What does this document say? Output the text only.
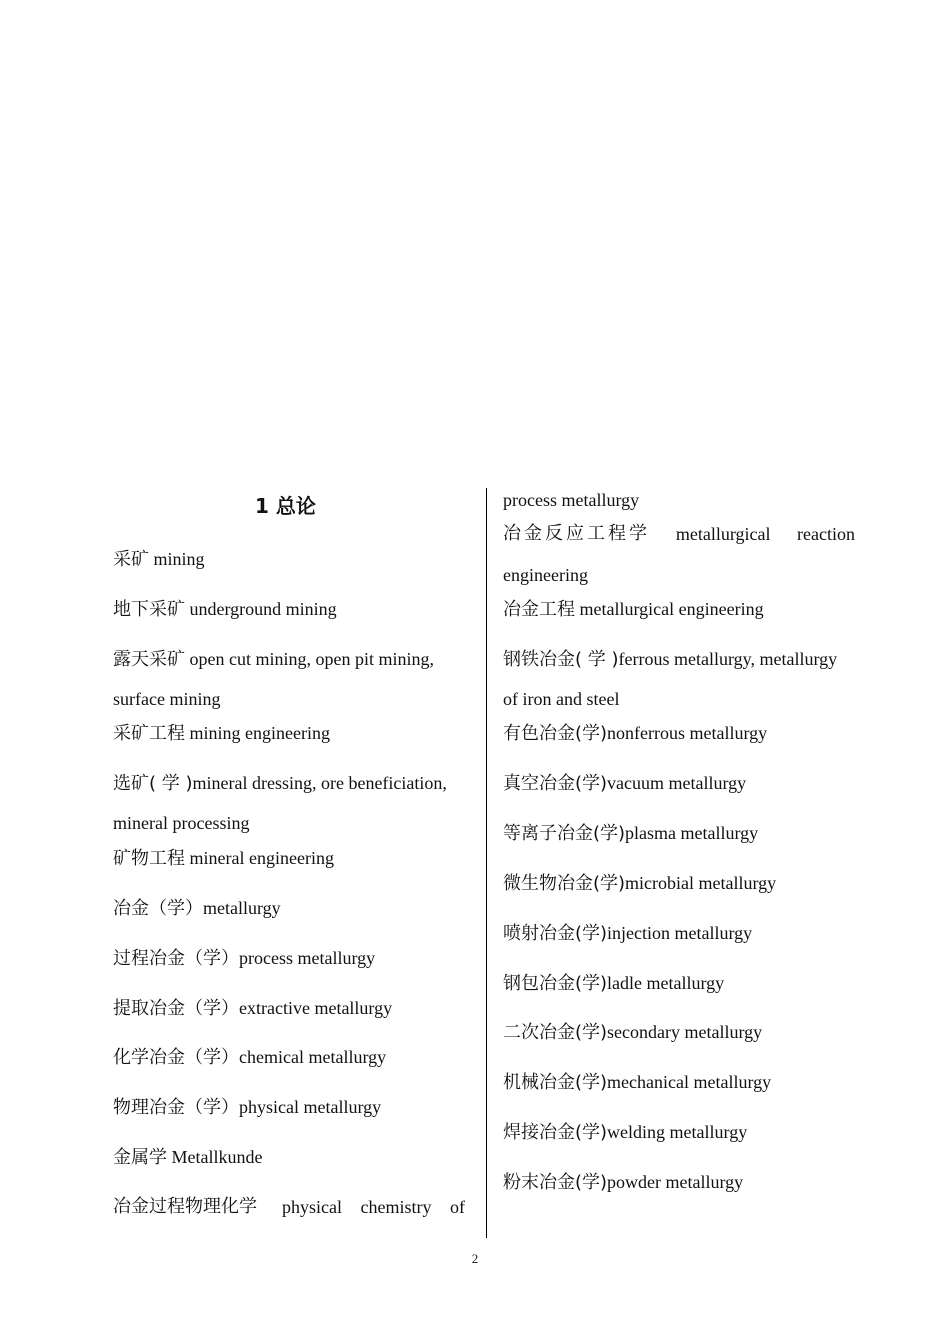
1 总论
采矿 mining
地下采矿 underground mining
露天采矿 open cut mining, open pit mining,
surface mining
采矿工程 mining engineering
选矿( 学 )mineral dressing, ore beneficiation,
mineral processing
矿物工程 mineral engineering
冶金（学）metallurgy
过程冶金（学）process metallurgy
提取冶金（学）extractive metallurgy
化学冶金（学）chemical metallurgy
物理冶金（学）physical metallurgy
金属学 Metallkunde
冶金过程物理化学 physical chemistry of
process metallurgy
冶金反应工程学 metallurgical reaction
engineering
冶金工程 metallurgical engineering
钢铁冶金( 学 )ferrous metallurgy, metallurgy
of iron and steel
有色冶金(学)nonferrous metallurgy
真空冶金(学)vacuum metallurgy
等离子冶金(学)plasma metallurgy
微生物冶金(学)microbial metallurgy
喷射冶金(学)injection metallurgy
钢包冶金(学)ladle metallurgy
二次冶金(学)secondary metallurgy
机械冶金(学)mechanical metallurgy
焊接冶金(学)welding metallurgy
粉末冶金(学)powder metallurgy
2
